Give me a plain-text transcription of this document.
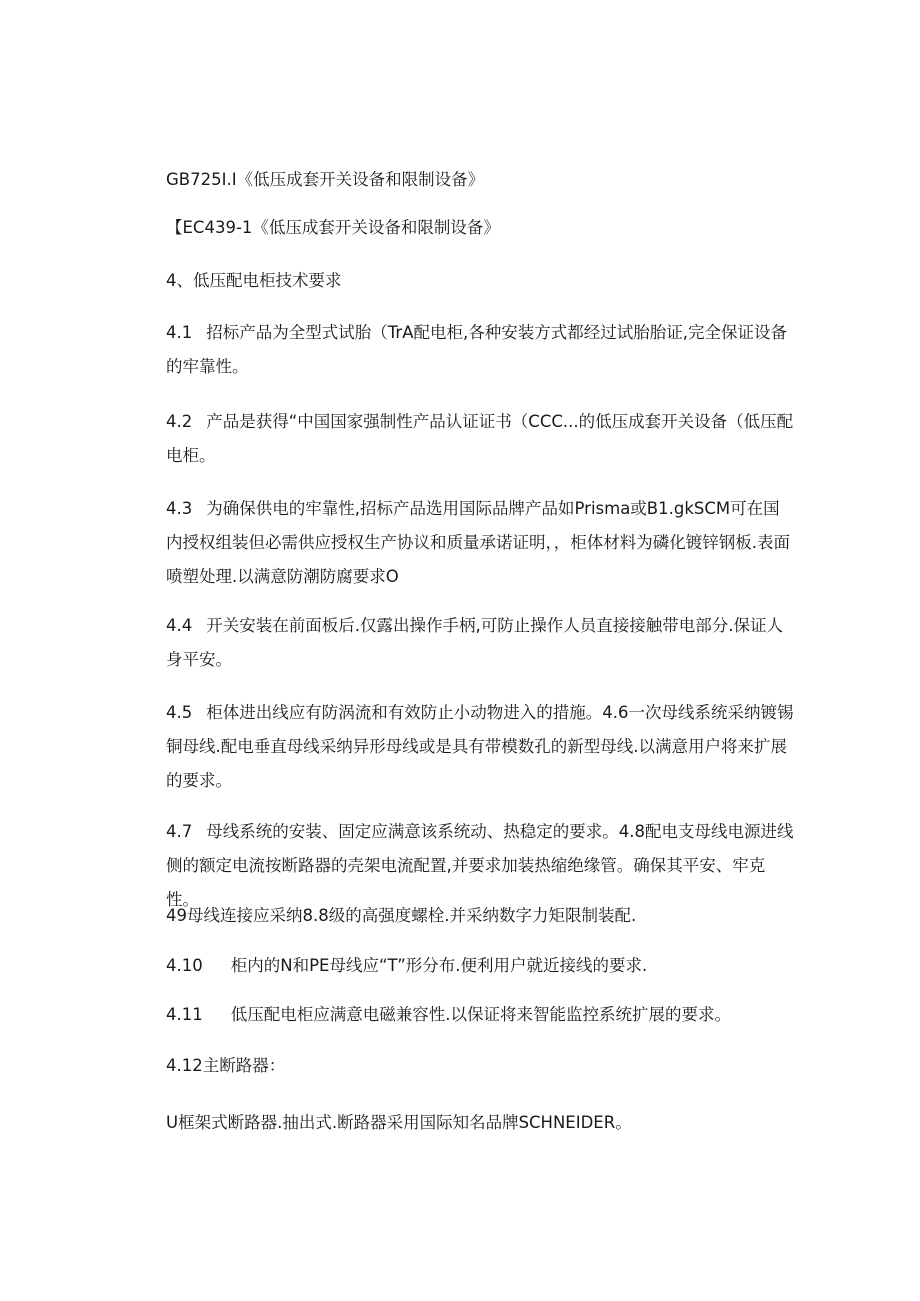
GB725I.I《低压成套开关设备和限制设备》

【EC439-1《低压成套开关设备和限制设备》

4、低压配电柜技术要求

4.1 招标产品为全型式试胎（TrA配电柜,各种安装方式都经过试胎胎证,完全保证设备的牢靠性。

4.2 产品是获得“中国国家强制性产品认证证书（CCC...的低压成套开关设备（低压配电柜。

4.3 为确保供电的牢靠性,招标产品选用国际品牌产品如Prisma或B1.gkSCM可在国内授权组装但必需供应授权生产协议和质量承诺证明，，柜体材料为磷化镀锌钢板.表面喷塑处理.以满意防潮防腐要求O

4.4 开关安装在前面板后.仅露出操作手柄,可防止操作人员直接接触带电部分.保证人身平安。

4.5 柜体进出线应有防涡流和有效防止小动物进入的措施。4.6一次母线系统采纳镀锡铜母线.配电垂直母线采纳异形母线或是具有带模数孔的新型母线.以满意用户将来扩展的要求。

4.7 母线系统的安装、固定应满意该系统动、热稳定的要求。4.8配电支母线电源进线侧的额定电流按断路器的壳架电流配置,并要求加装热缩绝缘管。确保其平安、牢克性。

49母线连接应采纳8.8级的高强度螺栓.并采纳数字力矩限制装配.

4.10 柜内的N和PE母线应“T”形分布.便利用户就近接线的要求.

4.11 低压配电柜应满意电磁兼容性.以保证将来智能监控系统扩展的要求。

4.12主断路器：

U框架式断路器.抽出式.断路器采用国际知名品牌SCHNEIDER。
